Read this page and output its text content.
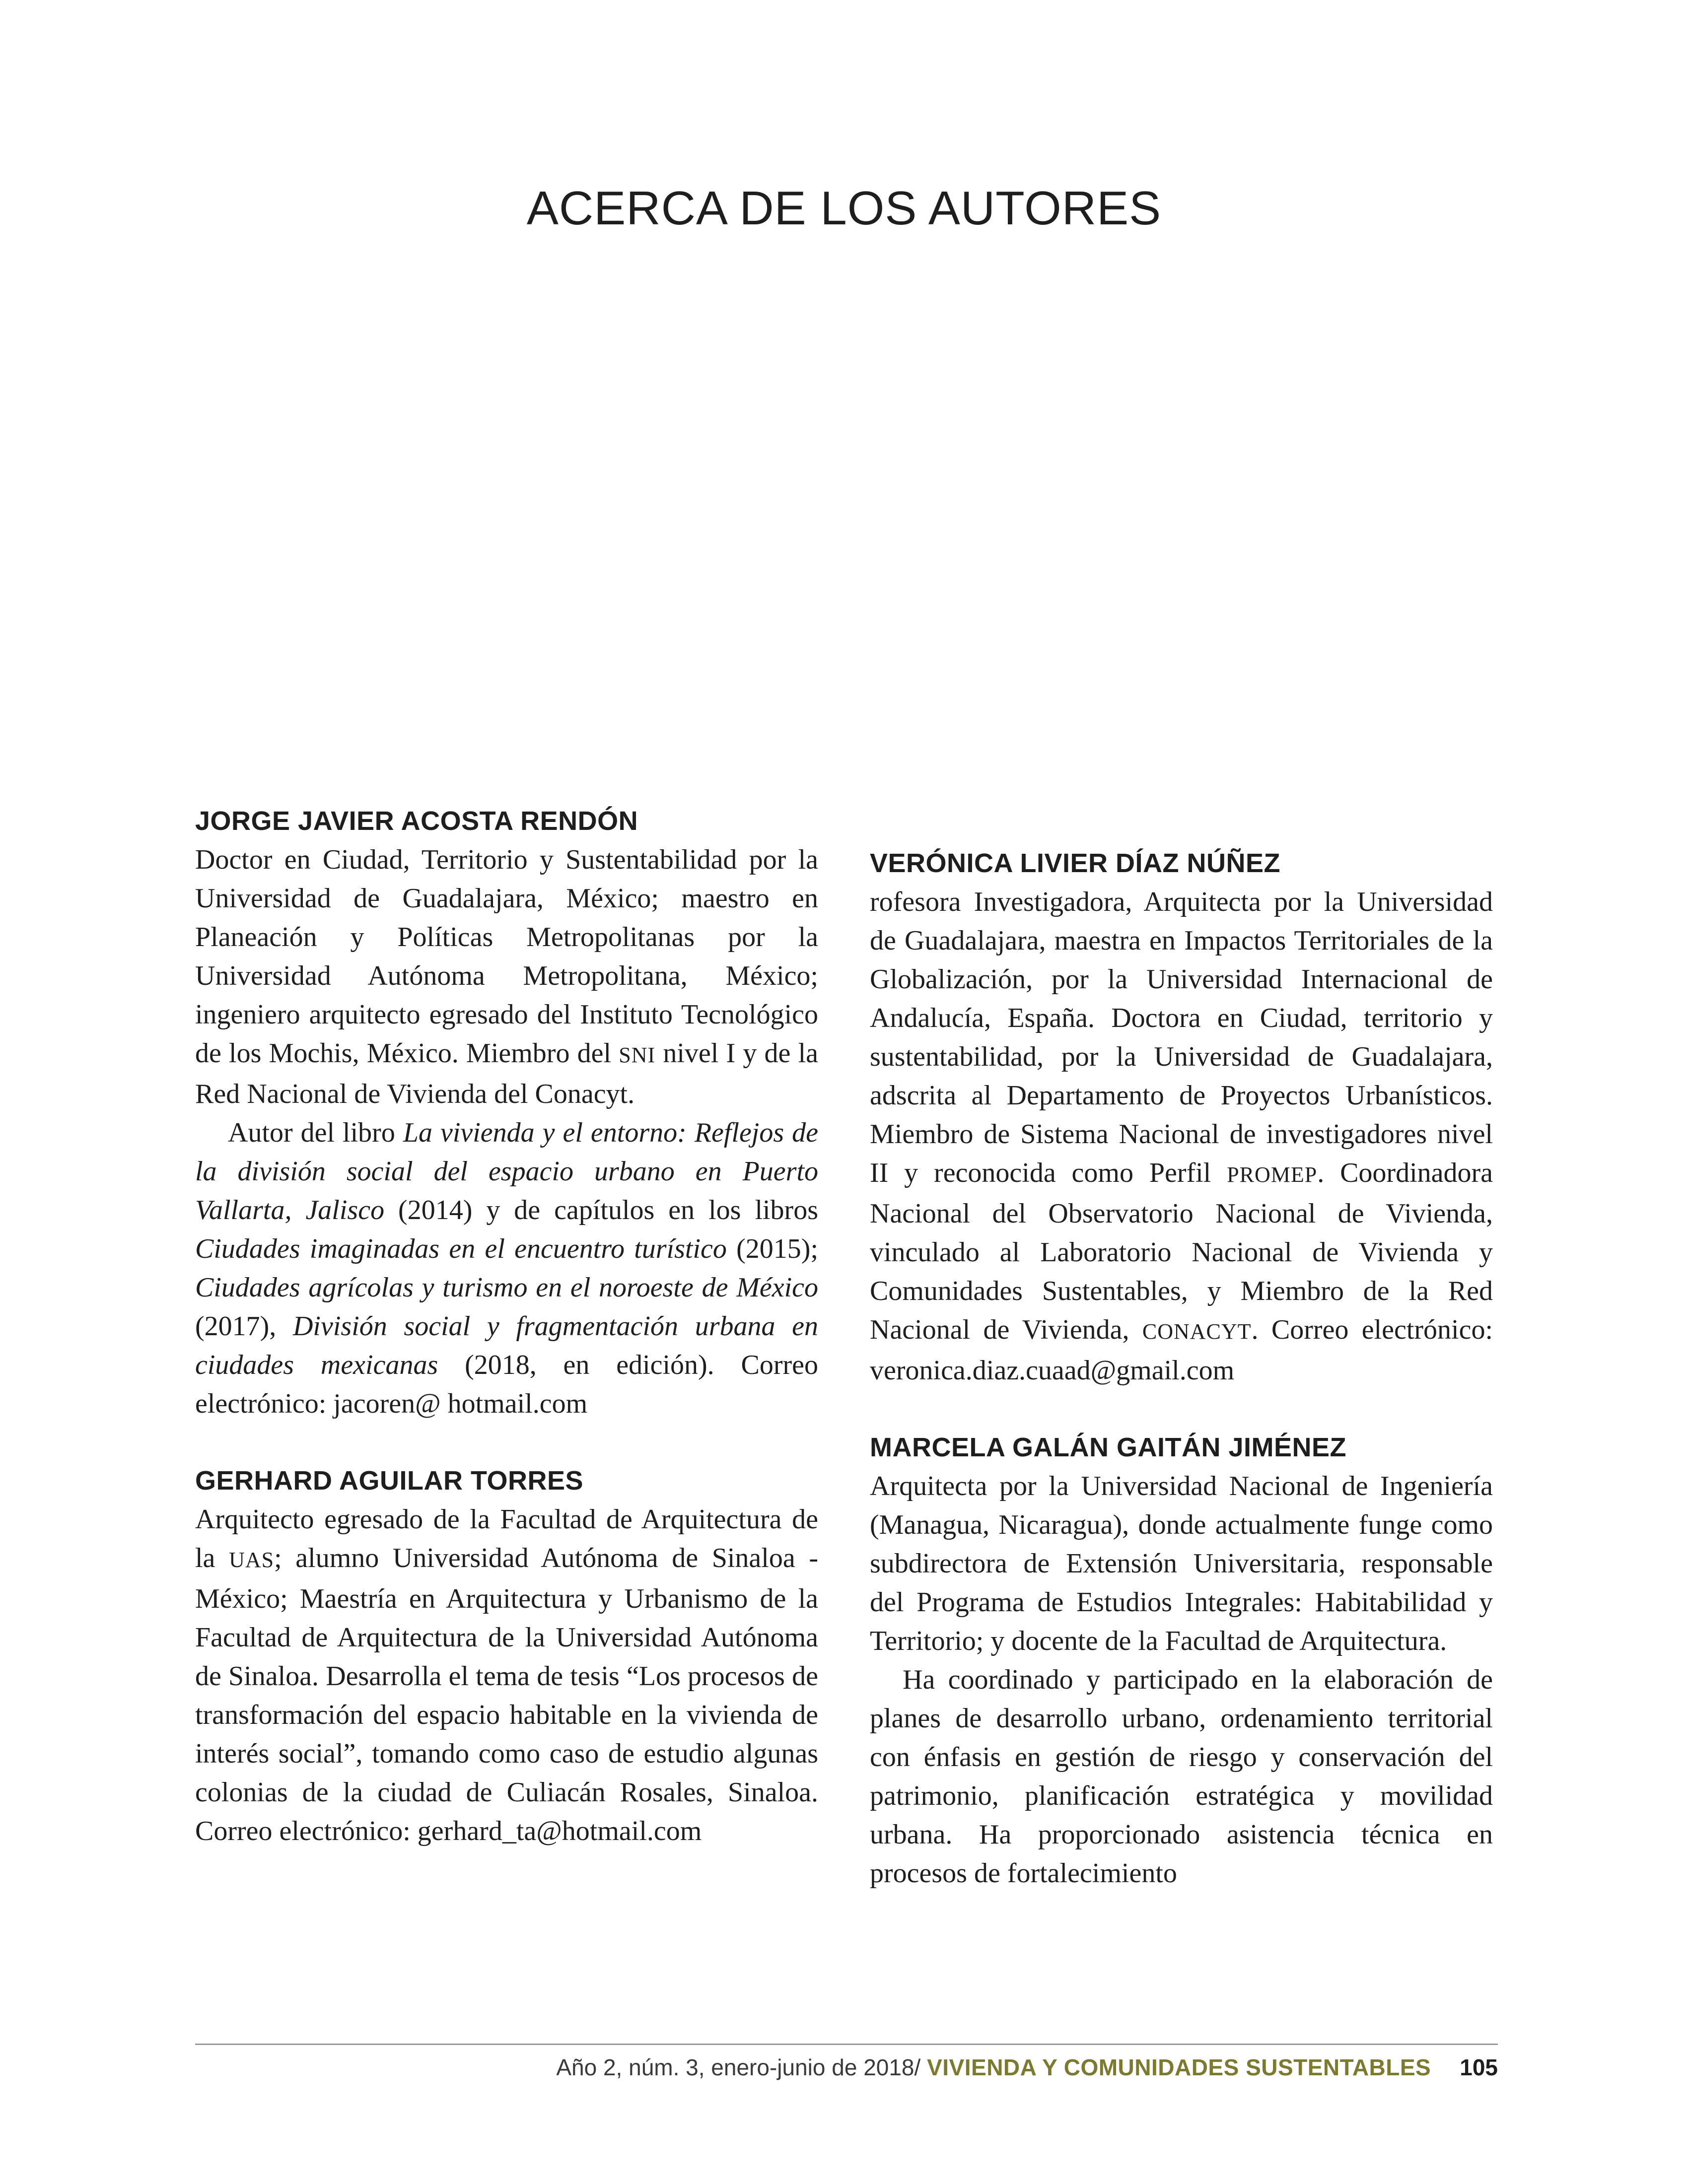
ACERCA DE LOS AUTORES

JORGE JAVIER ACOSTA RENDÓN

Doctor en Ciudad, Territorio y Sustentabilidad por la Universidad de Guadalajara, México; maestro en Planeación y Políticas Metropolitanas por la Universidad Autónoma Metropolitana, México; ingeniero arquitecto egresado del Instituto Tecnológico de los Mochis, México. Miembro del SNI nivel I y de la Red Nacional de Vivienda del Conacyt.

Autor del libro La vivienda y el entorno: Reflejos de la división social del espacio urbano en Puerto Vallarta, Jalisco (2014) y de capítulos en los libros Ciudades imaginadas en el encuentro turístico (2015); Ciudades agrícolas y turismo en el noroeste de México (2017), División social y fragmentación urbana en ciudades mexicanas (2018, en edición). Correo electrónico: jacoren@ hotmail.com

GERHARD AGUILAR TORRES

Arquitecto egresado de la Facultad de Arquitectura de la UAS; alumno Universidad Autónoma de Sinaloa - México; Maestría en Arquitectura y Urbanismo de la Facultad de Arquitectura de la Universidad Autónoma de Sinaloa. Desarrolla el tema de tesis “Los procesos de transformación del espacio habitable en la vivienda de interés social”, tomando como caso de estudio algunas colonias de la ciudad de Culiacán Rosales, Sinaloa. Correo electrónico: gerhard_ta@hotmail.com

VERÓNICA LIVIER DÍAZ NÚÑEZ

rofesora Investigadora, Arquitecta por la Universidad de Guadalajara, maestra en Impactos Territoriales de la Globalización, por la Universidad Internacional de Andalucía, España. Doctora en Ciudad, territorio y sustentabilidad, por la Universidad de Guadalajara, adscrita al Departamento de Proyectos Urbanísticos. Miembro de Sistema Nacional de investigadores nivel II y reconocida como Perfil PROMEP. Coordinadora Nacional del Observatorio Nacional de Vivienda, vinculado al Laboratorio Nacional de Vivienda y Comunidades Sustentables, y Miembro de la Red Nacional de Vivienda, CONACYT. Correo electrónico: veronica.diaz.cuaad@gmail.com

MARCELA GALÁN GAITÁN JIMÉNEZ

Arquitecta por la Universidad Nacional de Ingeniería (Managua, Nicaragua), donde actualmente funge como subdirectora de Extensión Universitaria, responsable del Programa de Estudios Integrales: Habitabilidad y Territorio; y docente de la Facultad de Arquitectura.

Ha coordinado y participado en la elaboración de planes de desarrollo urbano, ordenamiento territorial con énfasis en gestión de riesgo y conservación del patrimonio, planificación estratégica y movilidad urbana. Ha proporcionado asistencia técnica en procesos de fortalecimiento

Año 2, núm. 3, enero-junio de 2018/ VIVIENDA Y COMUNIDADES SUSTENTABLES 105
